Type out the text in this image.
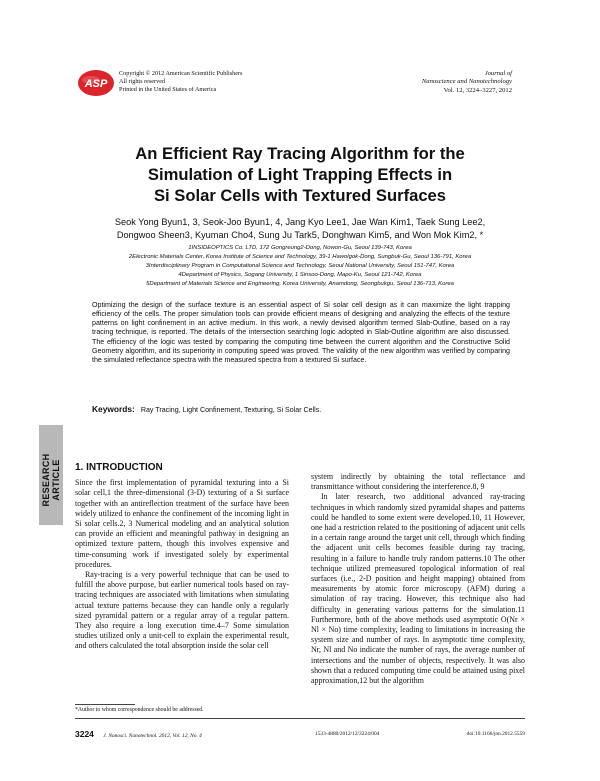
ASP
Copyright © 2012 American Scientific Publishers
All rights reserved
Printed in the United States of America
Journal of
Nanoscience and Nanotechnology
Vol. 12, 3224–3227, 2012
An Efficient Ray Tracing Algorithm for the
Simulation of Light Trapping Effects in
Si Solar Cells with Textured Surfaces
Seok Yong Byun1, 3, Seok-Joo Byun1, 4, Jang Kyo Lee1, Jae Wan Kim1, Taek Sung Lee2,
Dongwoo Sheen3, Kyuman Cho4, Sung Ju Tark5, Donghwan Kim5, and Won Mok Kim2, *
1INSIDEOPTICS Co. LTD, 172 Gongreung2-Dong, Nowon-Gu, Seoul 139-743, Korea
2Electronic Materials Center, Korea Institute of Science and Technology, 39-1 Hawolgok-Dong, Sungbuk-Gu, Seoul 136-791, Korea
3Interdisciplinary Program in Computational Science and Technology, Seoul National University, Seoul 151-747, Korea
4Department of Physics, Sogang University, 1 Sinsoo-Dong, Mapo-Ku, Seoul 121-742, Korea
5Department of Materials Science and Engineering, Korea University, Anamdong, Seongbukgu, Seoul 136-713, Korea
Optimizing the design of the surface texture is an essential aspect of Si solar cell design as it can maximize the light trapping efficiency of the cells. The proper simulation tools can provide efficient means of designing and analyzing the effects of the texture patterns on light confinement in an active medium. In this work, a newly devised algorithm termed Slab-Outline, based on a ray tracing technique, is reported. The details of the intersection searching logic adopted in Slab-Outline algorithm are also discussed. The efficiency of the logic was tested by comparing the computing time between the current algorithm and the Constructive Solid Geometry algorithm, and its superiority in computing speed was proved. The validity of the new algorithm was verified by comparing the simulated reflectance spectra with the measured spectra from a textured Si surface.
Keywords: Ray Tracing, Light Confinement, Texturing, Si Solar Cells.
RESEARCH ARTICLE 1. INTRODUCTION

Since the first implementation of pyramidal texturing into a Si solar cell,1 the three-dimensional (3-D) texturing of a Si surface together with an antireflection treatment of the surface have been widely utilized to enhance the confinement of the incoming light in Si solar cells.2, 3 Numerical modeling and an analytical solution can provide an efficient and meaningful pathway in designing an optimized texture pattern, though this involves expensive and time-consuming work if investigated solely by experimental procedures.

Ray-tracing is a very powerful technique that can be used to fulfill the above purpose, but earlier numerical tools based on ray-tracing techniques are associated with limitations when simulating actual texture patterns because they can handle only a regularly sized pyramidal pattern or a regular array of a regular pattern. They also require a long execution time.4–7 Some simulation studies utilized only a unit-cell to explain the experimental result, and others calculated the total absorption inside the solar cell

system indirectly by obtaining the total reflectance and transmittance without considering the interference.8, 9

In later research, two additional advanced ray-tracing techniques in which randomly sized pyramidal shapes and patterns could be handled to some extent were developed.10, 11 However, one had a restriction related to the positioning of adjacent unit cells in a certain range around the target unit cell, through which finding the adjacent unit cells becomes feasible during ray tracing, resulting in a failure to handle truly random patterns.10 The other technique utilized premeasured topological information of real surfaces (i.e., 2-D position and height mapping) obtained from measurements by atomic force microscopy (AFM) during a simulation of ray tracing. However, this technique also had difficulty in generating various patterns for the simulation.11 Furthermore, both of the above methods used asymptotic O(Nr × Nl × No) time complexity, leading to limitations in increasing the system size and number of rays. In asymptotic time complexity, Nr, Nl and No indicate the number of rays, the average number of intersections and the number of objects, respectively. It was also shown that a reduced computing time could be attained using pixel approximation,12 but the algorithm

*Author to whom correspondence should be addressed.
3224 J. Nanosci. Nanotechnol. 2012, Vol. 12, No. 4	1533-4880/2012/12/3224/004	doi:10.1166/jnn.2012.5559
